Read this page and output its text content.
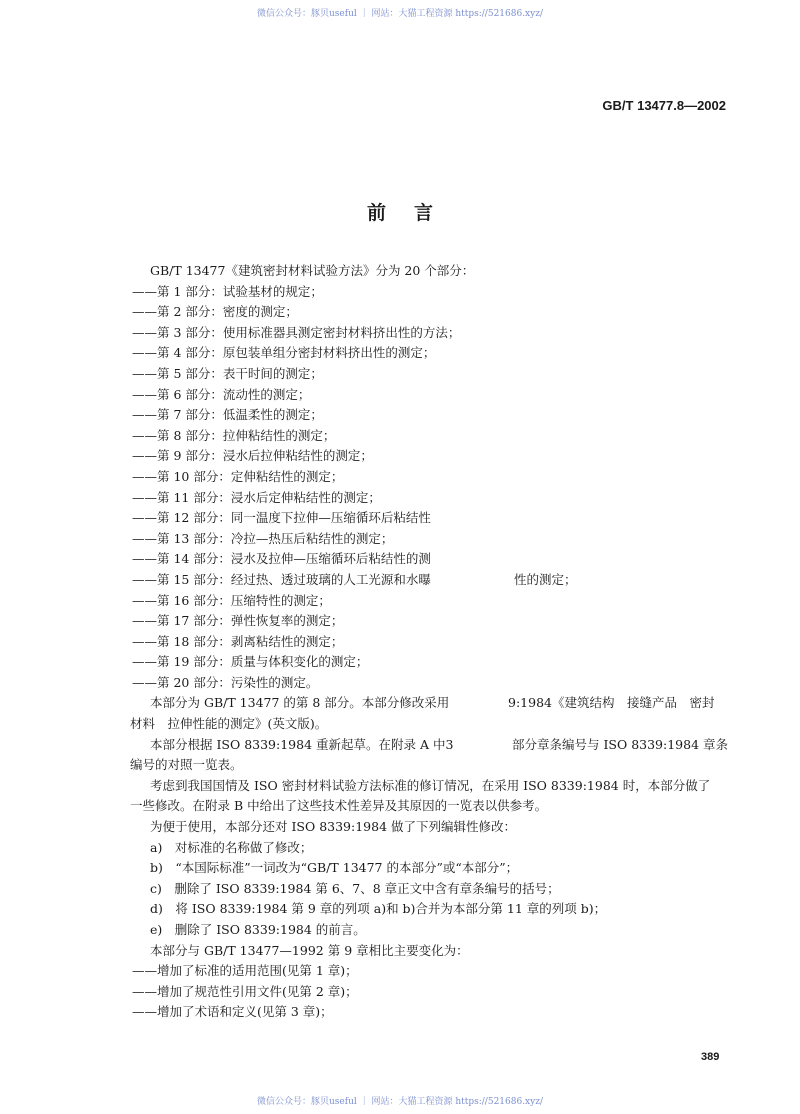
微信公众号：豚贝useful ｜ 网站：大猫工程资源 https://521686.xyz/
GB/T 13477.8—2002
前言
GB/T 13477《建筑密封材料试验方法》分为 20 个部分：
——第 1 部分：试验基材的规定；
——第 2 部分：密度的测定；
——第 3 部分：使用标准器具测定密封材料挤出性的方法；
——第 4 部分：原包装单组分密封材料挤出性的测定；
——第 5 部分：表干时间的测定；
——第 6 部分：流动性的测定；
——第 7 部分：低温柔性的测定；
——第 8 部分：拉伸粘结性的测定；
——第 9 部分：浸水后拉伸粘结性的测定；
——第 10 部分：定伸粘结性的测定；
——第 11 部分：浸水后定伸粘结性的测定；
——第 12 部分：同一温度下拉伸—压缩循环后粘结性
——第 13 部分：冷拉—热压后粘结性的测定；
——第 14 部分：浸水及拉伸—压缩循环后粘结性的测
——第 15 部分：经过热、透过玻璃的人工光源和水曝	性的测定；
——第 16 部分：压缩特性的测定；
——第 17 部分：弹性恢复率的测定；
——第 18 部分：剥离粘结性的测定；
——第 19 部分：质量与体积变化的测定；
——第 20 部分：污染性的测定。
本部分为 GB/T 13477 的第 8 部分。本部分修改采用	9:1984《建筑结构　接缝产品　密封
材料　拉伸性能的测定》(英文版)。
本部分根据 ISO 8339:1984 重新起草。在附录 A 中3	部分章条编号与 ISO 8339:1984 章条
编号的对照一览表。
考虑到我国国情及 ISO 密封材料试验方法标准的修订情况，在采用 ISO 8339:1984 时，本部分做了
一些修改。在附录 B 中给出了这些技术性差异及其原因的一览表以供参考。
为便于使用，本部分还对 ISO 8339:1984 做了下列编辑性修改：
a)　对标准的名称做了修改；
b)　“本国际标准”一词改为“GB/T 13477 的本部分”或“本部分”；
c)　删除了 ISO 8339:1984 第 6、7、8 章正文中含有章条编号的括号；
d)　将 ISO 8339:1984 第 9 章的列项 a)和 b)合并为本部分第 11 章的列项 b)；
e)　删除了 ISO 8339:1984 的前言。
本部分与 GB/T 13477—1992 第 9 章相比主要变化为：
——增加了标准的适用范围(见第 1 章)；
——增加了规范性引用文件(见第 2 章)；
——增加了术语和定义(见第 3 章)；
389
微信公众号：豚贝useful ｜ 网站：大猫工程资源 https://521686.xyz/
